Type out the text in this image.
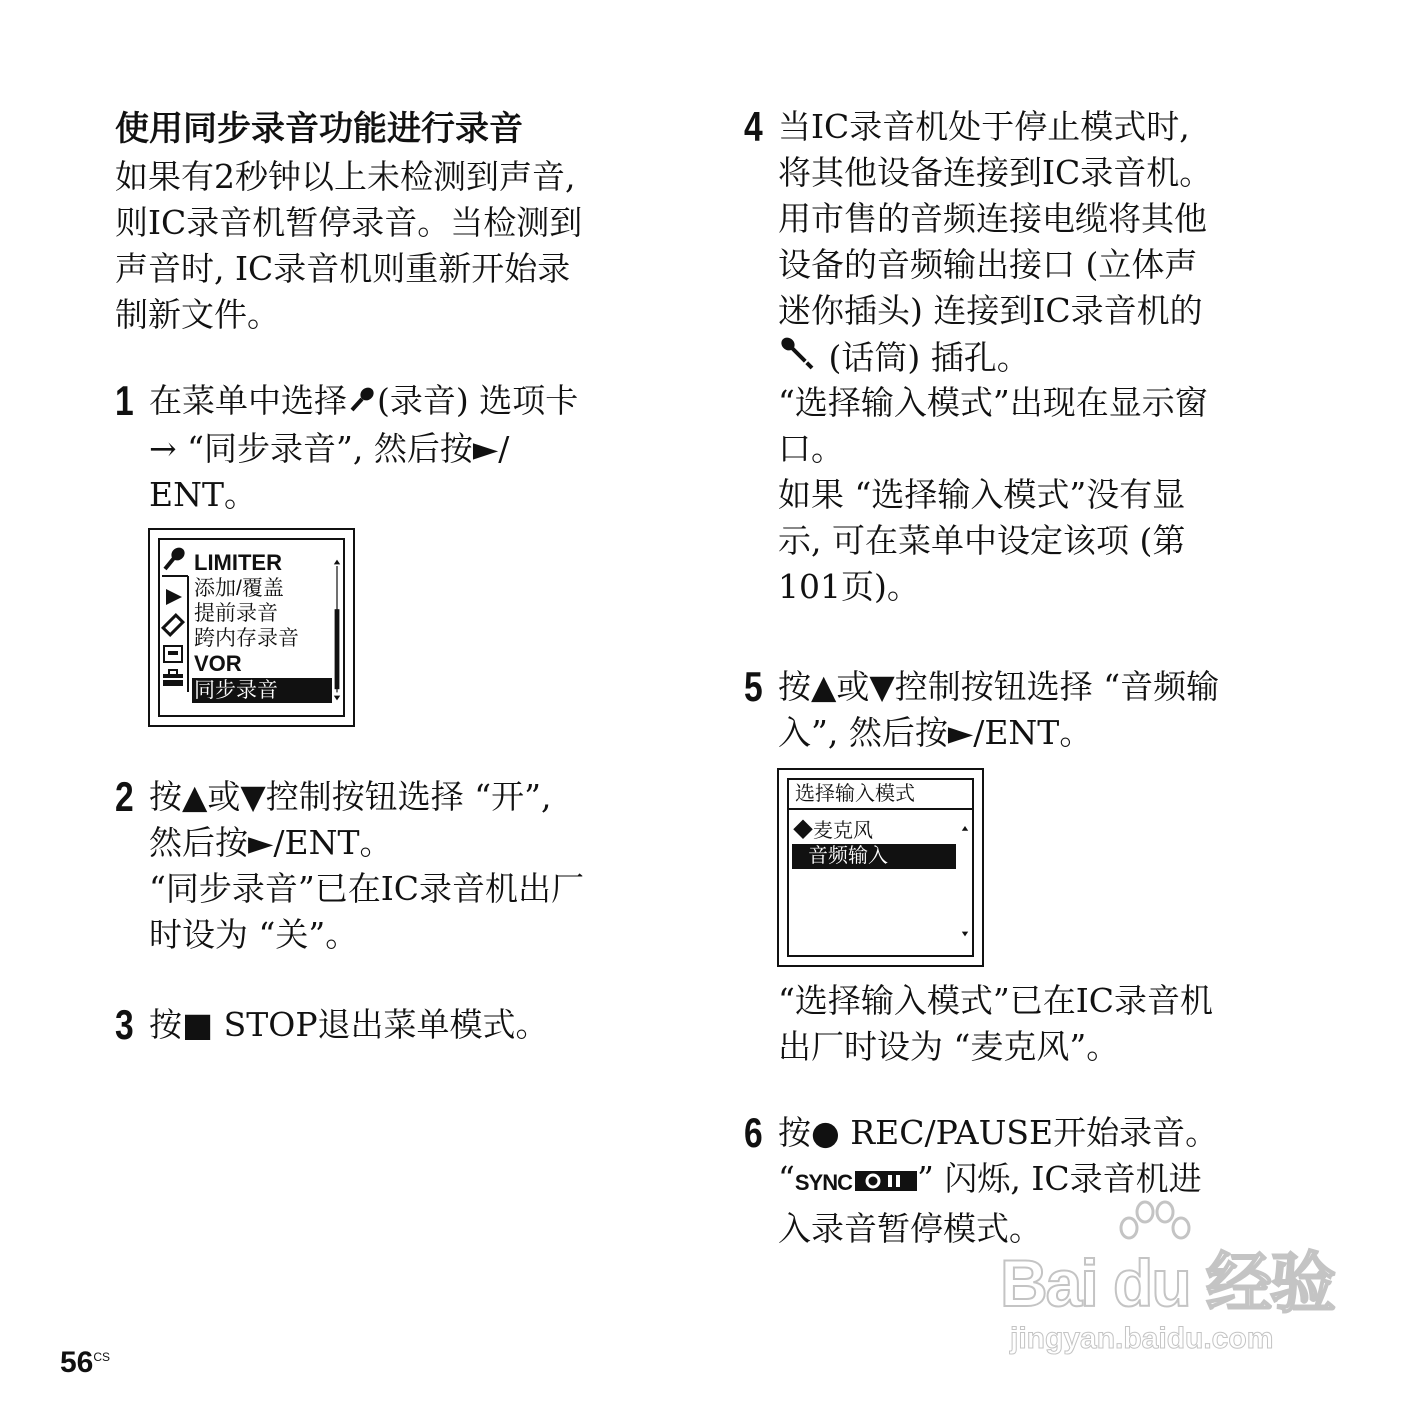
使用同步录音功能进行录音
如果有2秒钟以上未检测到声音,
则IC录音机暂停录音。当检测到
声音时, IC录音机则重新开始录
制新文件。
1 在菜单中选择 (录音) 选项卡
→ “同步录音”, 然后按►/
ENT。
LIMITER
添加/覆盖
提前录音
跨内存录音
VOR
同步录音
2 按▲或▼控制按钮选择 “开”,
然后按►/ENT。
“同步录音”已在IC录音机出厂
时设为 “关”。
3 按■ STOP退出菜单模式。
4 当IC录音机处于停止模式时,
将其他设备连接到IC录音机。
用市售的音频连接电缆将其他
设备的音频输出接口 (立体声
迷你插头) 连接到IC录音机的
(话筒) 插孔。
“选择输入模式”出现在显示窗
口。
如果 “选择输入模式”没有显
示, 可在菜单中设定该项 (第
101页)。
5 按▲或▼控制按钮选择 “音频输
入”, 然后按►/ENT。
选择输入模式
◆麦克风
音频输入
“选择输入模式”已在IC录音机
出厂时设为 “麦克风”。
6 按● REC/PAUSE开始录音。
“SYNC ” 闪烁, IC录音机进
入录音暂停模式。
$56^{CS}$
Bai du 经验
jingyan.baidu.com
